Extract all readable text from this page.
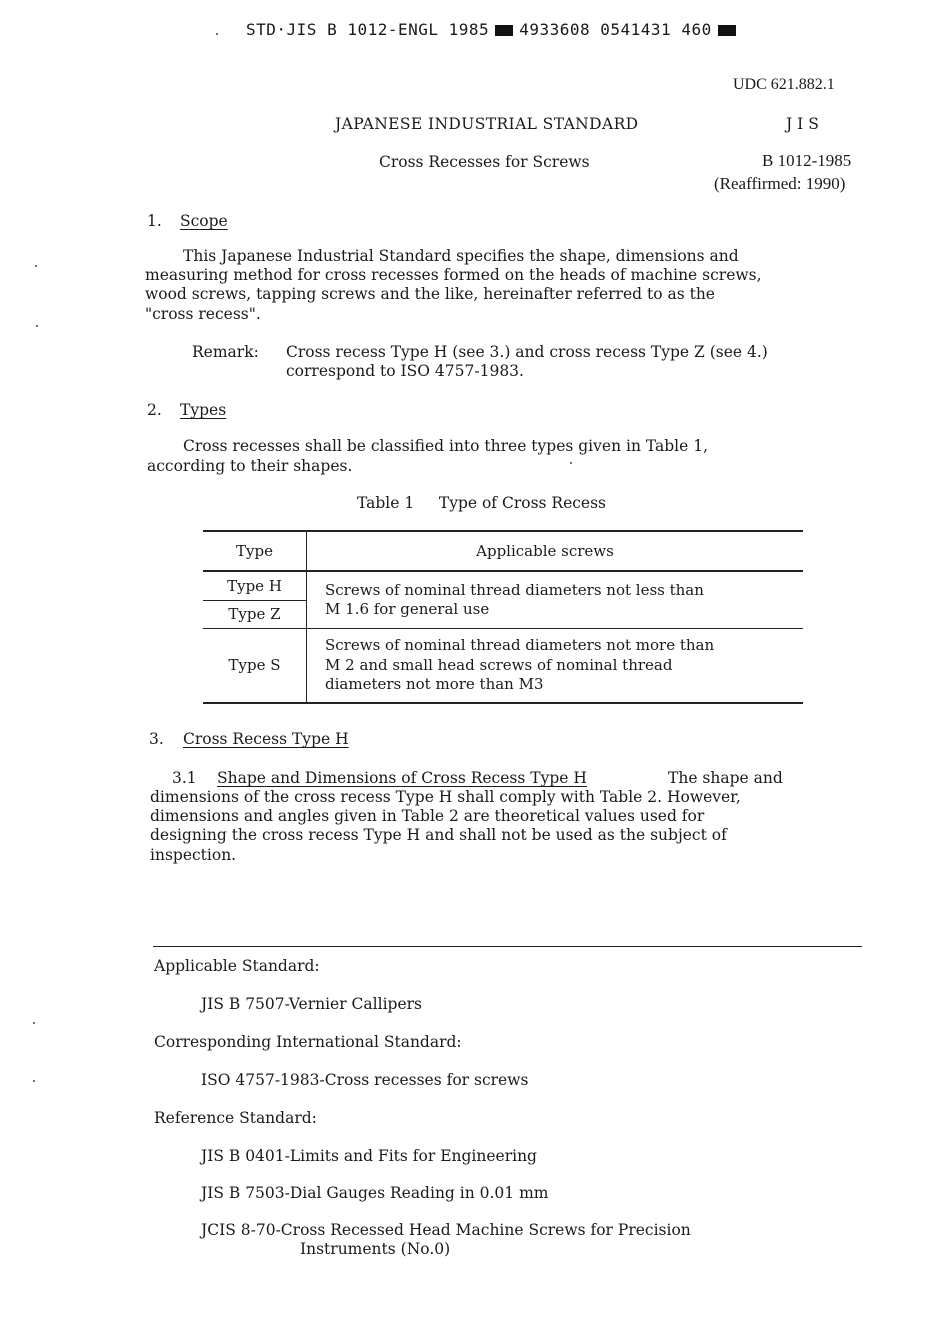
STD·JIS B 1012-ENGL 1985 4933608 0541431 460
UDC 621.882.1
JAPANESE INDUSTRIAL STANDARD	J I S
Cross Recesses for Screws	B 1012-1985
(Reaffirmed: 1990)
1. Scope
This Japanese Industrial Standard specifies the shape, dimensions and
measuring method for cross recesses formed on the heads of machine screws,
wood screws, tapping screws and the like, hereinafter referred to as the
"cross recess".
Remark: Cross recess Type H (see 3.) and cross recess Type Z (see 4.)
correspond to ISO 4757-1983.
2. Types
Cross recesses shall be classified into three types given in Table 1,
according to their shapes.
Table 1     Type of Cross Recess
Type	Applicable screws
Type H	Screws of nominal thread diameters not less than
M 1.6 for general use

Type Z	
Type S	Screws of nominal thread diameters not more than
M 2 and small head screws of nominal thread
diameters not more than M3
3. Cross Recess Type H
3.1 Shape and Dimensions of Cross Recess Type H	The shape and
dimensions of the cross recess Type H shall comply with Table 2. However,
dimensions and angles given in Table 2 are theoretical values used for
designing the cross recess Type H and shall not be used as the subject of
inspection.
Applicable Standard:
JIS B 7507-Vernier Callipers
Corresponding International Standard:
ISO 4757-1983-Cross recesses for screws
Reference Standard:
JIS B 0401-Limits and Fits for Engineering
JIS B 7503-Dial Gauges Reading in 0.01 mm
JCIS 8-70-Cross Recessed Head Machine Screws for Precision
Instruments (No.0)
